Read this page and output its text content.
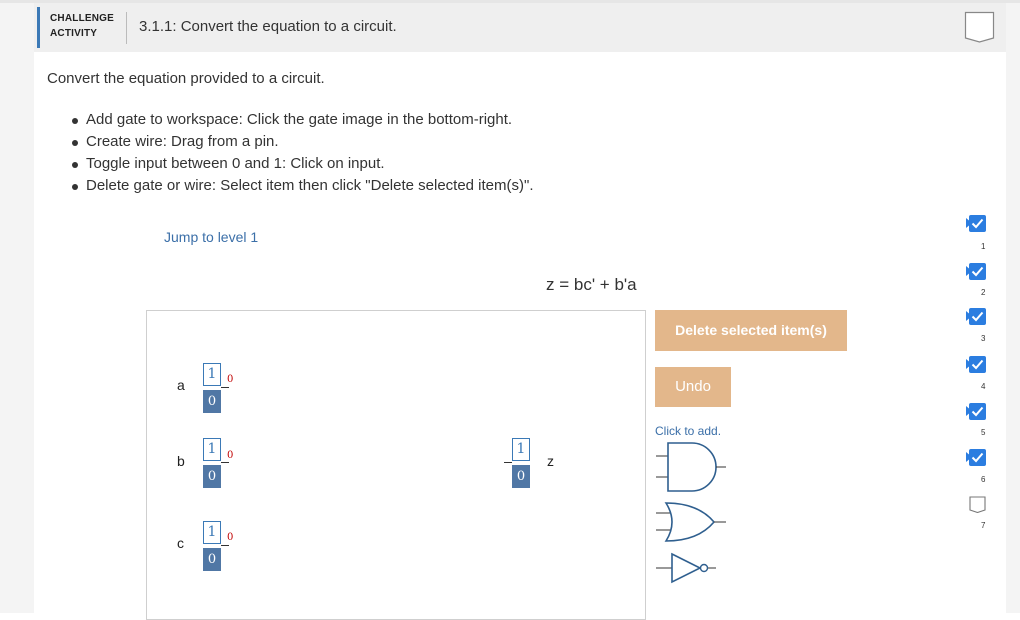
CHALLENGE
ACTIVITY	3.1.1: Convert the equation to a circuit.
Convert the equation provided to a circuit.
Add gate to workspace: Click the gate image in the bottom-right.
Create wire: Drag from a pin.
Toggle input between 0 and 1: Click on input.
Delete gate or wire: Select item then click "Delete selected item(s)".
Jump to level 1
z = bc' + b'a
a
1
0
0
b
1
0
0
c
1
0
0
1
0
z
Delete selected item(s)
Undo
Click to add.
1
2
3
4
5
6
7
